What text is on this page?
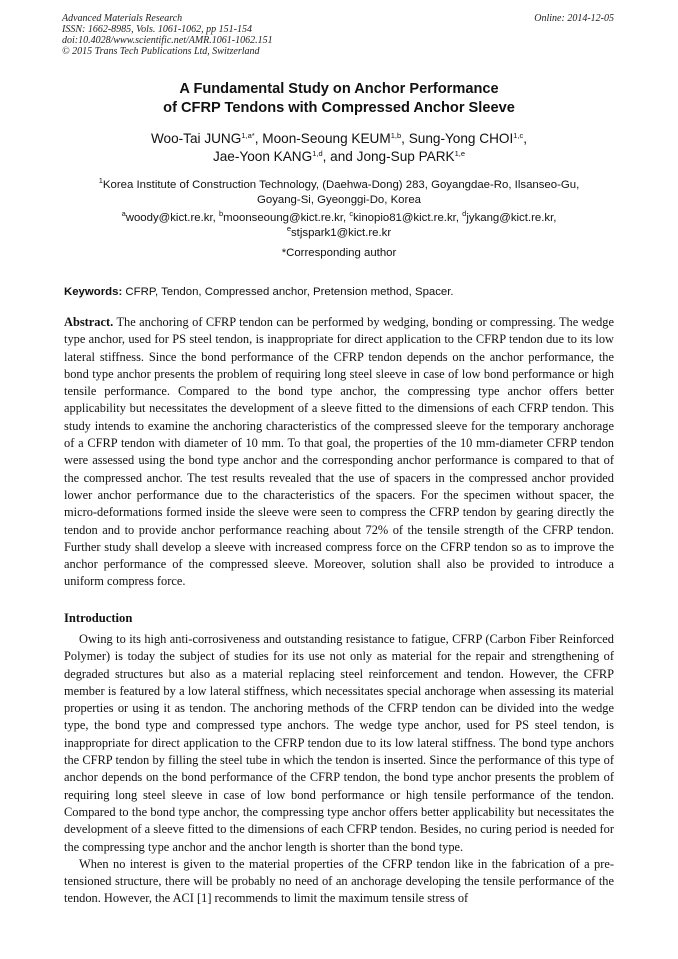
Advanced Materials Research
ISSN: 1662-8985, Vols. 1061-1062, pp 151-154
doi:10.4028/www.scientific.net/AMR.1061-1062.151
© 2015 Trans Tech Publications Ltd, Switzerland
Online: 2014-12-05
A Fundamental Study on Anchor Performance
of CFRP Tendons with Compressed Anchor Sleeve
Woo-Tai $JUNG^{1,a*}$, Moon-Seoung KEUM$^{1,b}$, Sung-Yong CHOI$^{1,c}$,
Jae-Yoon KANG$^{1,d}$, and Jong-Sup PARK$^{1,e}$
$^1$Korea Institute of Construction Technology, (Daehwa-Dong) 283, Goyangdae-Ro, Ilsanseo-Gu,
Goyang-Si, Gyeonggi-Do, Korea
$^a$woody@kict.re.kr, $^b$moonseoung@kict.re.kr, $^c$kinopio81@kict.re.kr, $^d$jykang@kict.re.kr,
$^e$stjspark1@kict.re.kr
*Corresponding author
Keywords: CFRP, Tendon, Compressed anchor, Pretension method, Spacer.
Abstract. The anchoring of CFRP tendon can be performed by wedging, bonding or compressing. The wedge type anchor, used for PS steel tendon, is inappropriate for direct application to the CFRP tendon due to its low lateral stiffness. Since the bond performance of the CFRP tendon depends on the anchor performance, the bond type anchor presents the problem of requiring long steel sleeve in case of low bond performance or high tensile performance. Compared to the bond type anchor, the compressing type anchor offers better applicability but necessitates the development of a sleeve fitted to the dimensions of each CFRP tendon. This study intends to examine the anchoring characteristics of the compressed sleeve for the temporary anchorage of a CFRP tendon with diameter of 10 mm. To that goal, the properties of the 10 mm-diameter CFRP tendon were assessed using the bond type anchor and the corresponding anchor performance is compared to that of the compressed anchor. The test results revealed that the use of spacers in the compressed anchor provided lower anchor performance due to the characteristics of the spacers. For the specimen without spacer, the micro-deformations formed inside the sleeve were seen to compress the CFRP tendon by gearing directly the tendon and to provide anchor performance reaching about 72% of the tensile strength of the CFRP tendon. Further study shall develop a sleeve with increased compress force on the CFRP tendon so as to improve the anchor performance of the compressed sleeve. Moreover, solution shall also be provided to introduce a uniform compress force.
Introduction

Owing to its high anti-corrosiveness and outstanding resistance to fatigue, CFRP (Carbon Fiber Reinforced Polymer) is today the subject of studies for its use not only as material for the repair and strengthening of degraded structures but also as a material replacing steel reinforcement and tendon. However, the CFRP member is featured by a low lateral stiffness, which necessitates special anchorage when assessing its material properties or using it as tendon. The anchoring methods of the CFRP tendon can be divided into the wedge type, the bond type and compressed type anchors. The wedge type anchor, used for PS steel tendon, is inappropriate for direct application to the CFRP tendon due to its low lateral stiffness. The bond type anchors the CFRP tendon by filling the steel tube in which the tendon is inserted. Since the performance of this type of anchor depends on the bond performance of the CFRP tendon, the bond type anchor presents the problem of requiring long steel sleeve in case of low bond performance or high tensile performance of the tendon. Compared to the bond type anchor, the compressing type anchor offers better applicability but necessitates the development of a sleeve fitted to the dimensions of each CFRP tendon. Besides, no curing period is needed for the compressing type anchor and the anchor length is shorter than the bond type.

When no interest is given to the material properties of the CFRP tendon like in the fabrication of a pre-tensioned structure, there will be probably no need of an anchorage developing the tensile performance of the tendon. However, the ACI [1] recommends to limit the maximum tensile stress of
